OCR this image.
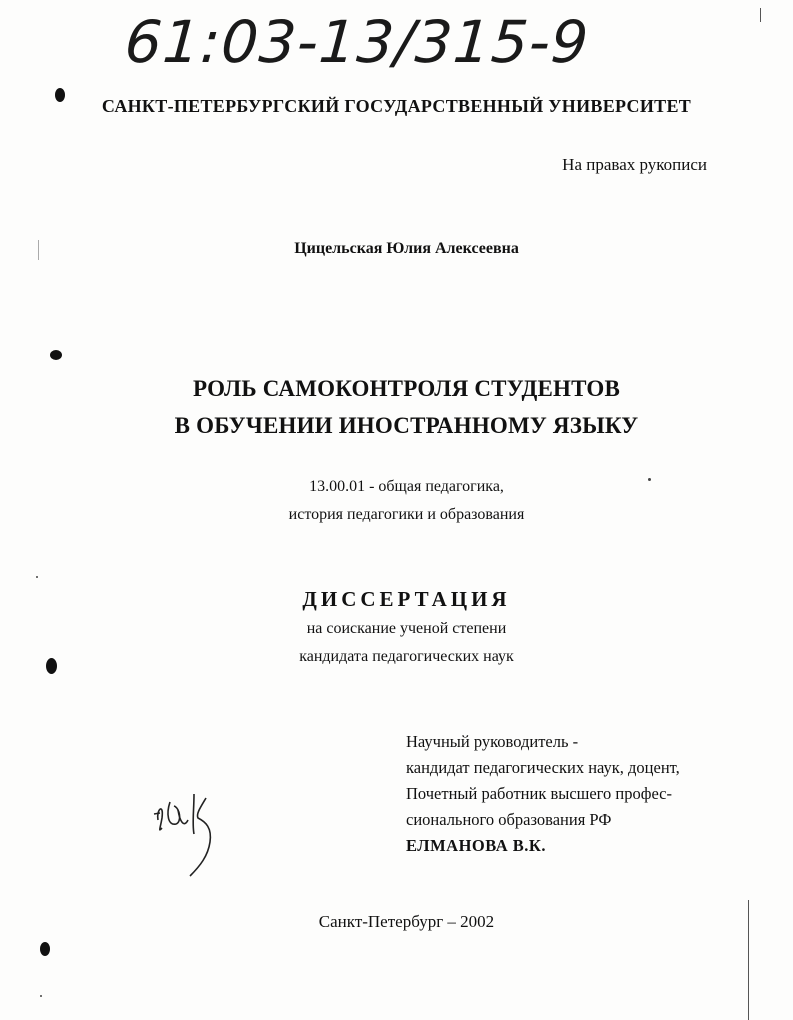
61:03-13/315-9
САНКТ-ПЕТЕРБУРГСКИЙ ГОСУДАРСТВЕННЫЙ УНИВЕРСИТЕТ
На правах рукописи
Цицельская Юлия Алексеевна
РОЛЬ САМОКОНТРОЛЯ СТУДЕНТОВ
В ОБУЧЕНИИ ИНОСТРАННОМУ ЯЗЫКУ
13.00.01 - общая педагогика,
история педагогики и образования
ДИССЕРТАЦИЯ
на соискание ученой степени
кандидата педагогических наук
Научный руководитель -
кандидат педагогических наук, доцент,
Почетный работник высшего профес-
сионального образования РФ
ЕЛМАНОВА В.К.
Санкт-Петербург – 2002
